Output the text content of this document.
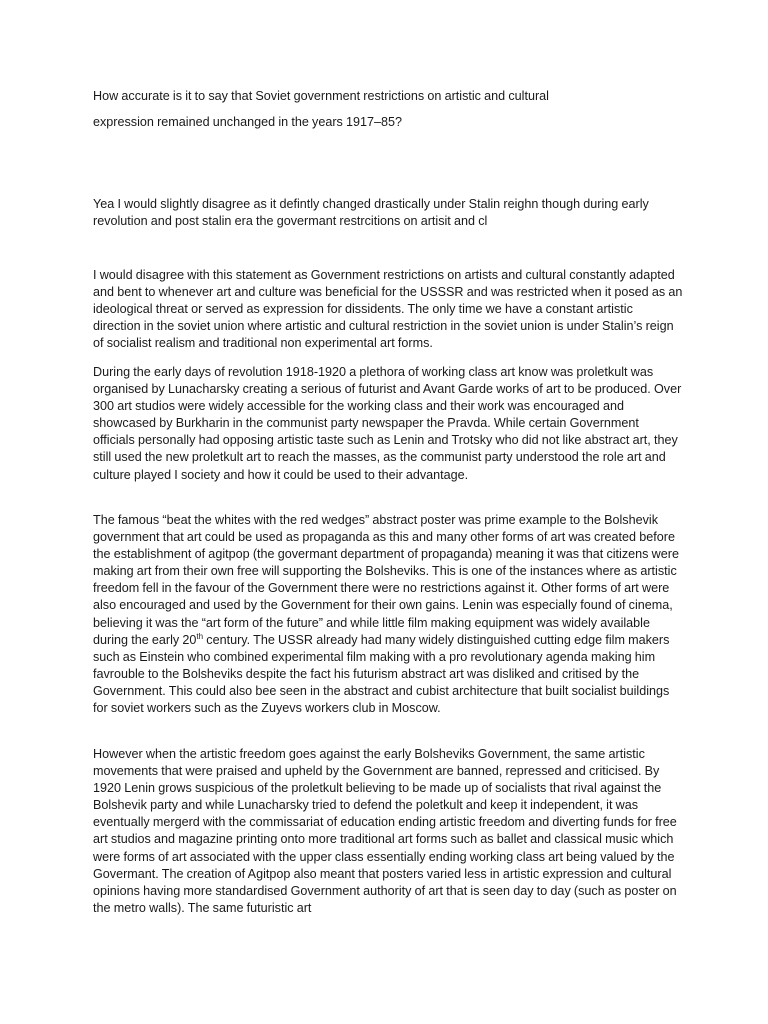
How accurate is it to say that Soviet government restrictions on artistic and cultural

expression remained unchanged in the years 1917–85?

Yea I would slightly disagree as it defintly changed drastically under Stalin reighn though during early revolution and post stalin era the govermant restrcitions on artisit and cl

I would disagree with this statement as Government restrictions on artists and cultural constantly adapted and bent to whenever art and culture was beneficial for the USSSR and was restricted when it posed as an ideological threat or served as expression for dissidents. The only time we have a constant artistic direction in the soviet union where artistic and cultural restriction in the soviet union is under Stalin’s reign of socialist realism and traditional non experimental art forms.

During the early days of revolution 1918-1920 a plethora of working class art know was proletkult was organised by Lunacharsky creating a serious of futurist and Avant Garde works of art to be produced. Over 300 art studios were widely accessible for the working class and their work was encouraged and showcased by Burkharin in the communist party newspaper the Pravda. While certain Government officials personally had opposing artistic taste such as Lenin and Trotsky who did not like abstract art, they still used the new proletkult art to reach the masses, as the communist party understood the role art and culture played I society and how it could be used to their advantage.

The famous “beat the whites with the red wedges” abstract poster was prime example to the Bolshevik government that art could be used as propaganda as this and many other forms of art was created before the establishment of agitpop (the govermant department of propaganda) meaning it was that citizens were making art from their own free will supporting the Bolsheviks. This is one of the instances where as artistic freedom fell in the favour of the Government there were no restrictions against it. Other forms of art were also encouraged and used by the Government for their own gains. Lenin was especially found of cinema, believing it was the “art form of the future” and while little film making equipment was widely available during the early 20th century. The USSR already had many widely distinguished cutting edge film makers such as Einstein who combined experimental film making with a pro revolutionary agenda making him favrouble to the Bolsheviks despite the fact his futurism abstract art was disliked and critised by the Government. This could also bee seen in the abstract and cubist architecture that built socialist buildings for soviet workers such as the Zuyevs workers club in Moscow.

However when the artistic freedom goes against the early Bolsheviks Government, the same artistic movements that were praised and upheld by the Government are banned, repressed and criticised. By 1920 Lenin grows suspicious of the proletkult believing to be made up of socialists that rival against the Bolshevik party and while Lunacharsky tried to defend the poletkult and keep it independent, it was eventually mergerd with the commissariat of education ending artistic freedom and diverting funds for free art studios and magazine printing onto more traditional art forms such as ballet and classical music which were forms of art associated with the upper class essentially ending working class art being valued by the Govermant. The creation of Agitpop also meant that posters varied less in artistic expression and cultural opinions having more standardised Government authority of art that is seen day to day (such as poster on the metro walls). The same futuristic art
